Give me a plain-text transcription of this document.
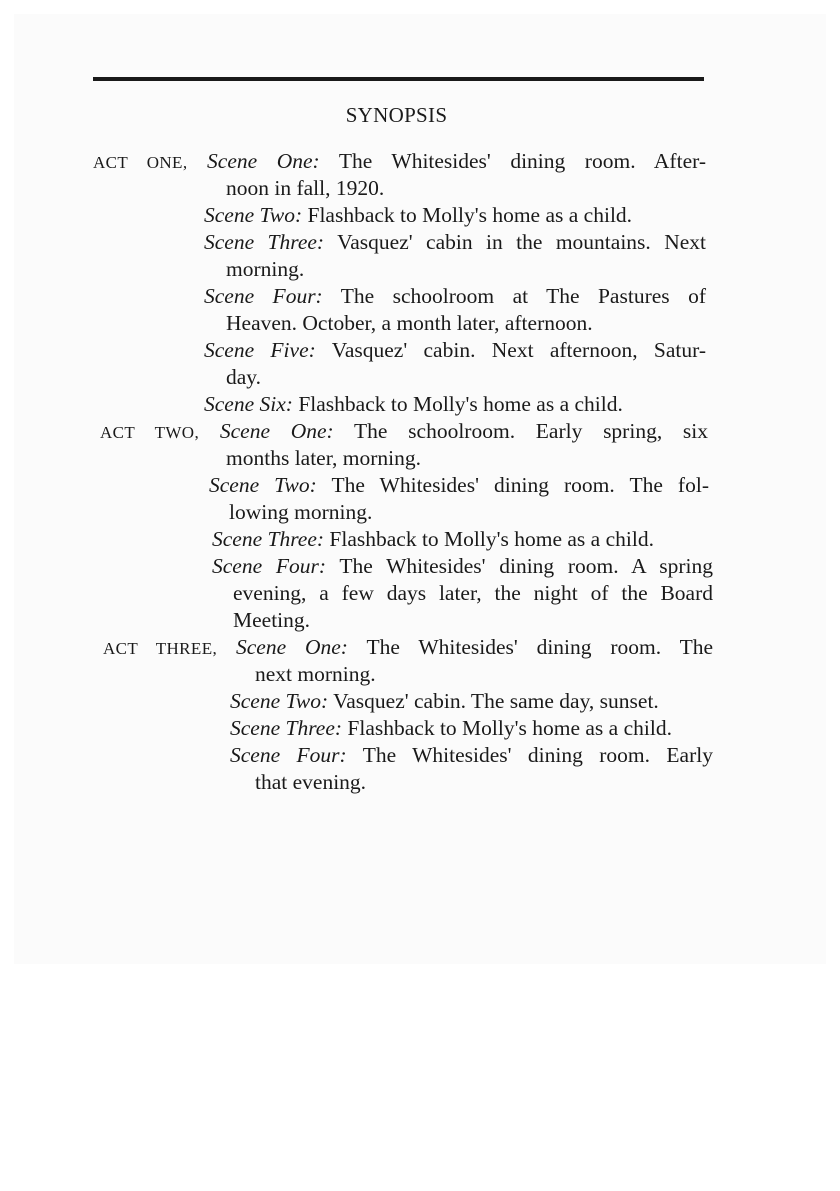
SYNOPSIS
ACT ONE, Scene One: The Whitesides' dining room. After-
noon in fall, 1920.
Scene Two: Flashback to Molly's home as a child.
Scene Three: Vasquez' cabin in the mountains. Next
morning.
Scene Four: The schoolroom at The Pastures of
Heaven. October, a month later, afternoon.
Scene Five: Vasquez' cabin. Next afternoon, Satur-
day.
Scene Six: Flashback to Molly's home as a child.
ACT TWO, Scene One: The schoolroom. Early spring, six
months later, morning.
Scene Two: The Whitesides' dining room. The fol-
lowing morning.
Scene Three: Flashback to Molly's home as a child.
Scene Four: The Whitesides' dining room. A spring
evening, a few days later, the night of the Board
Meeting.
ACT THREE, Scene One: The Whitesides' dining room. The
next morning.
Scene Two: Vasquez' cabin. The same day, sunset.
Scene Three: Flashback to Molly's home as a child.
Scene Four: The Whitesides' dining room. Early
that evening.
